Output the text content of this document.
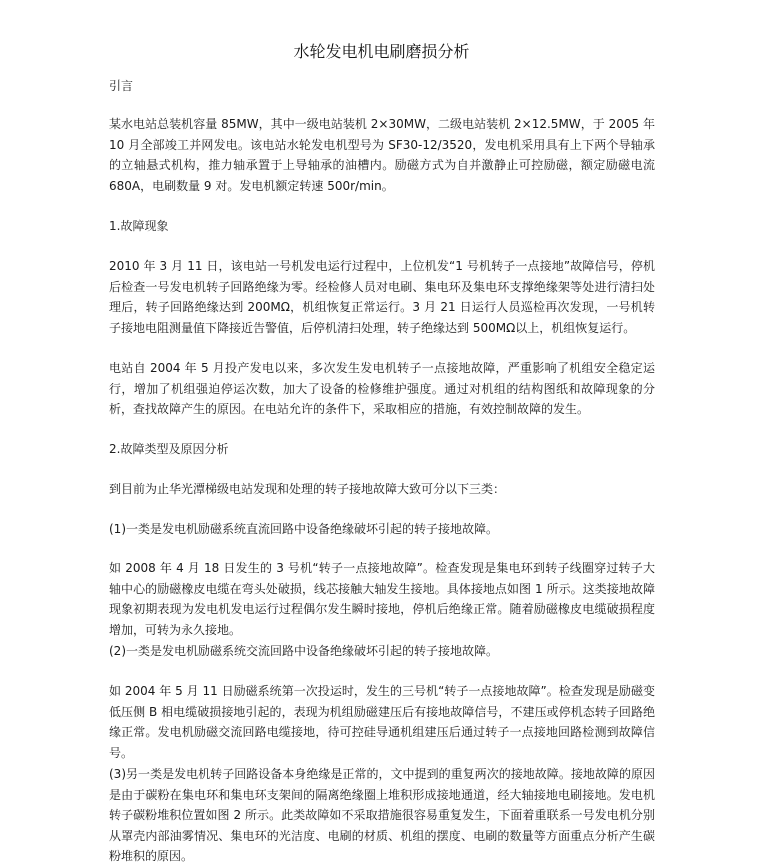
水轮发电机电刷磨损分析
引言
某水电站总装机容量 85MW，其中一级电站装机 2×30MW，二级电站装机 2×12.5MW，于 2005 年 10 月全部竣工并网发电。该电站水轮发电机型号为 SF30-12/3520，发电机采用具有上下两个导轴承的立轴悬式机构，推力轴承置于上导轴承的油槽内。励磁方式为自并激静止可控励磁，额定励磁电流 680A，电刷数量 9 对。发电机额定转速 500r/min。
1.故障现象
2010 年 3 月 11 日，该电站一号机发电运行过程中，上位机发“1 号机转子一点接地”故障信号，停机后检查一号发电机转子回路绝缘为零。经检修人员对电刷、集电环及集电环支撑绝缘架等处进行清扫处理后，转子回路绝缘达到 200MΩ，机组恢复正常运行。3 月 21 日运行人员巡检再次发现，一号机转子接地电阻测量值下降接近告警值，后停机清扫处理，转子绝缘达到 500MΩ以上，机组恢复运行。
电站自 2004 年 5 月投产发电以来，多次发生发电机转子一点接地故障，严重影响了机组安全稳定运行，增加了机组强迫停运次数，加大了设备的检修维护强度。通过对机组的结构图纸和故障现象的分析，查找故障产生的原因。在电站允许的条件下，采取相应的措施，有效控制故障的发生。
2.故障类型及原因分析
到目前为止华光潭梯级电站发现和处理的转子接地故障大致可分以下三类：
(1)一类是发电机励磁系统直流回路中设备绝缘破坏引起的转子接地故障。
如 2008 年 4 月 18 日发生的 3 号机“转子一点接地故障”。检查发现是集电环到转子线圈穿过转子大轴中心的励磁橡皮电缆在弯头处破损，线芯接触大轴发生接地。具体接地点如图 1 所示。这类接地故障现象初期表现为发电机发电运行过程偶尔发生瞬时接地，停机后绝缘正常。随着励磁橡皮电缆破损程度增加，可转为永久接地。
(2)一类是发电机励磁系统交流回路中设备绝缘破坏引起的转子接地故障。
如 2004 年 5 月 11 日励磁系统第一次投运时，发生的三号机“转子一点接地故障”。检查发现是励磁变低压侧 B 相电缆破损接地引起的，表现为机组励磁建压后有接地故障信号，不建压或停机态转子回路绝缘正常。发电机励磁交流回路电缆接地，待可控硅导通机组建压后通过转子一点接地回路检测到故障信号。
(3)另一类是发电机转子回路设备本身绝缘是正常的，文中提到的重复两次的接地故障。接地故障的原因是由于碳粉在集电环和集电环支架间的隔离绝缘圈上堆积形成接地通道，经大轴接地电刷接地。发电机转子碳粉堆积位置如图 2 所示。此类故障如不采取措施很容易重复发生，下面着重联系一号发电机分别从罩壳内部油雾情况、集电环的光洁度、电刷的材质、机组的摆度、电刷的数量等方面重点分析产生碳粉堆积的原因。
